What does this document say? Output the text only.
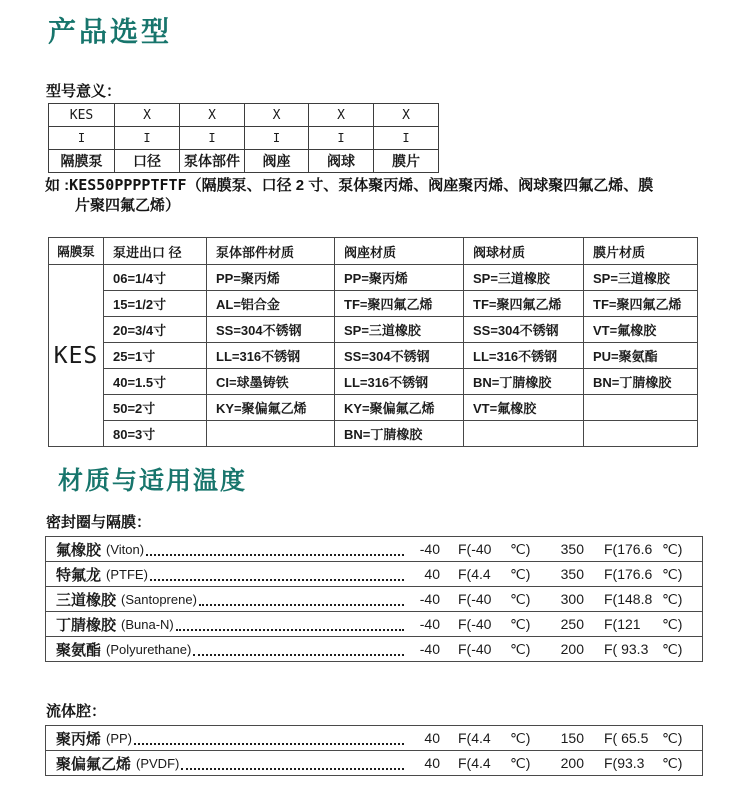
产品选型
型号意义：
KES	X	X	X	X	X
I	I	I	I	I	I
隔膜泵	口径	泵体部件	阀座	阀球	膜片
如 :KES50PPPPTFTF（隔膜泵、口径 2 寸、泵体聚丙烯、阀座聚丙烯、阀球聚四氟乙烯、膜
片聚四氟乙烯）
隔膜泵	泵进出口 径	泵体部件材质	阀座材质	阀球材质	膜片材质
KES	06=1/4寸	PP=聚丙烯	PP=聚丙烯	SP=三道橡胶	SP=三道橡胶
	15=1/2寸	AL=铝合金	TF=聚四氟乙烯	TF=聚四氟乙烯	TF=聚四氟乙烯
	20=3/4寸	SS=304不锈钢	SP=三道橡胶	SS=304不锈钢	VT=氟橡胶
	25=1寸	LL=316不锈钢	SS=304不锈钢	LL=316不锈钢	PU=聚氨酯
	40=1.5寸	CI=球墨铸铁	LL=316不锈钢	BN=丁腈橡胶	BN=丁腈橡胶
	50=2寸	KY=聚偏氟乙烯	KY=聚偏氟乙烯	VT=氟橡胶	
	80=3寸		BN=丁腈橡胶		
材质与适用温度
密封圈与隔膜：
氟橡胶 (Viton)	-40 F(-40	℃)	350 F(176.6 ℃)
特氟龙 (PTFE)	40 F(4.4	℃)	350 F(176.6 ℃)
三道橡胶 (Santoprene)	-40 F(-40	℃)	300 F(148.8 ℃)
丁腈橡胶 (Buna-N)	-40 F(-40	℃)	250 F(121	℃)
聚氨酯 (Polyurethane)	-40 F(-40	℃)	200 F( 93.3 ℃)
流体腔：
聚丙烯 (PP)	40 F(4.4	℃)	150 F( 65.5 ℃)
聚偏氟乙烯 (PVDF)	40 F(4.4	℃)	200 F(93.3	℃)
